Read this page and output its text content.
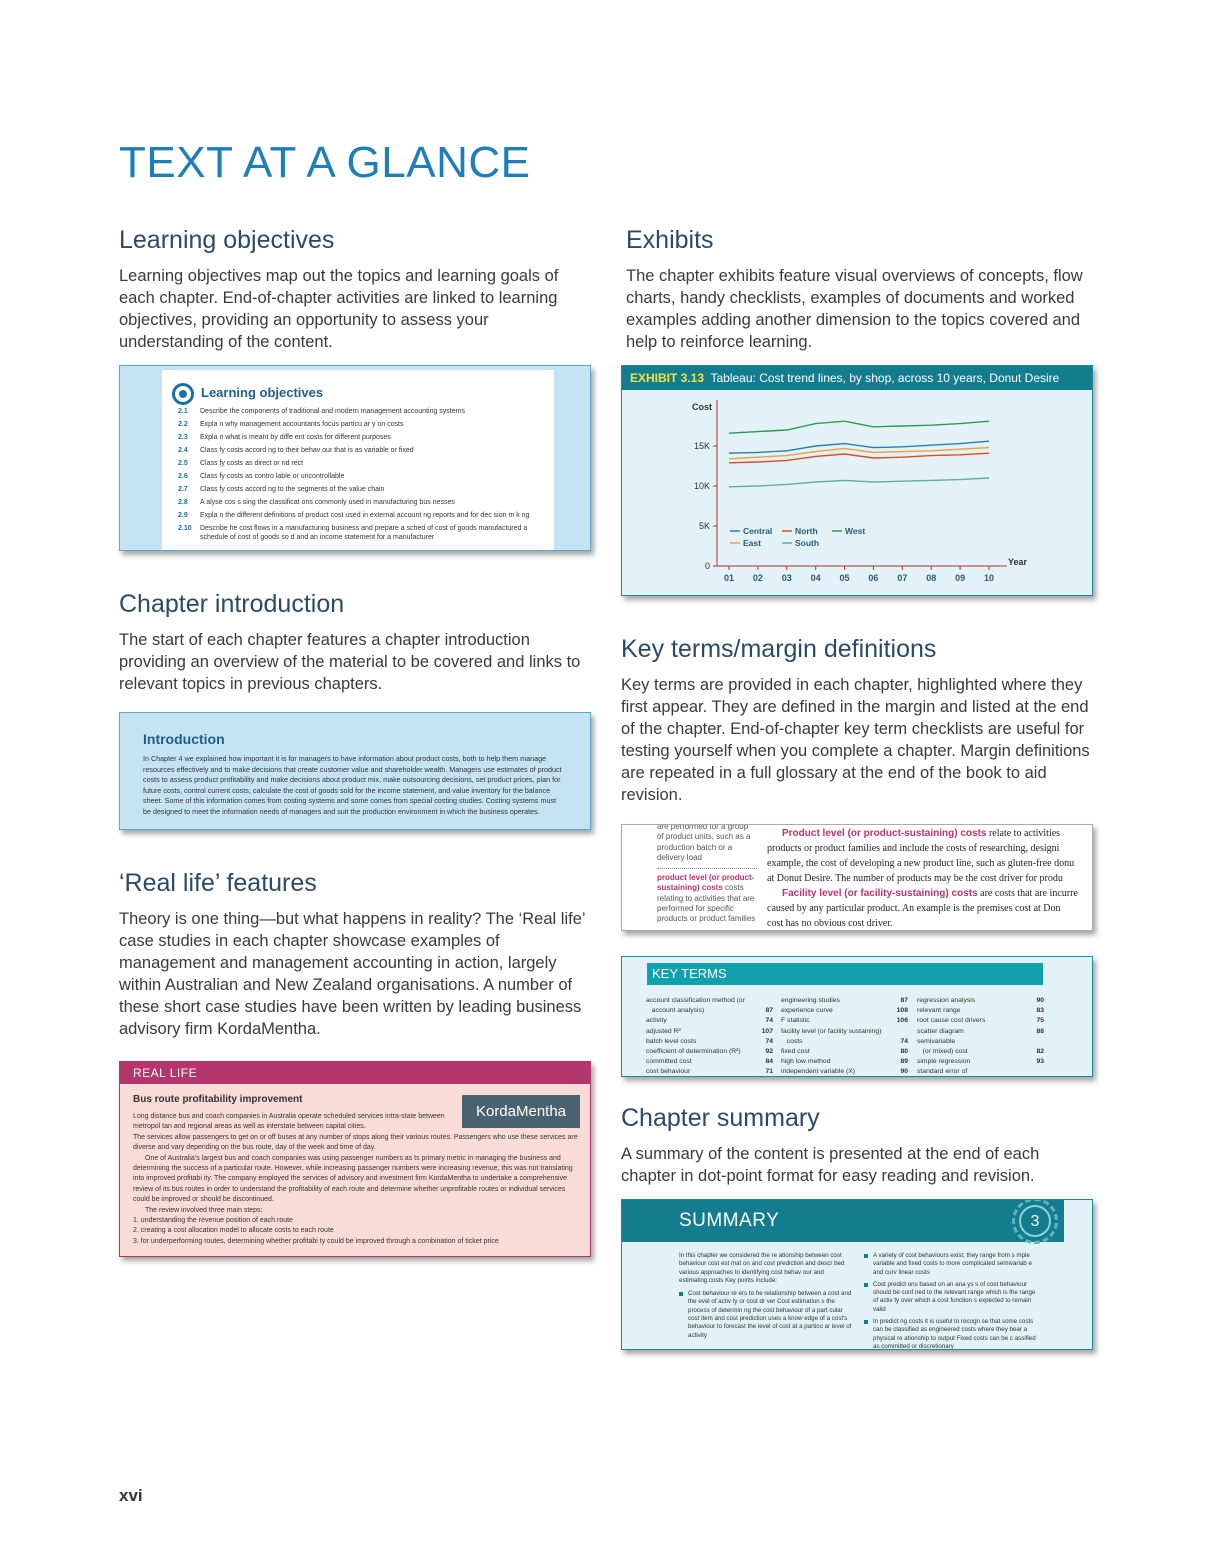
TEXT AT A GLANCE
Learning objectives

Learning objectives map out the topics and learning goals of each chapter. End-of-chapter activities are linked to learning objectives, providing an opportunity to assess your understanding of the content.

Learning objectives
2.1	Describe the components of traditional and modern management accounting systems
2.2	Expla n why management accountants focus particu ar y on costs
2.3	Expla n what is meant by diffe ent costs for different purposes
2.4	Class fy costs accord ng to their behav our that is as variable or fixed
2.5	Class fy costs as direct or nd rect
2.6	Class fy costs as contro lable or uncontrollable
2.7	Class fy costs accord ng to the segments of the value chain
2.8	A alyse cos s sing the classificat ons commonly used in manufacturing bus nesses
2.9	Expla n the different definitions of product cost used in external account ng reports and for dec sion m k ng
2.10	Describe he cost flows in a manufacturing business and prepare a sched of cost of goods manufactured a schedule of cost of goods so d and an income statement for a manufacturer
Chapter introduction

The start of each chapter features a chapter introduction providing an overview of the material to be covered and links to relevant topics in previous chapters.

Introduction
In Chapter 4 we explained how important it is for managers to have information about product costs, both to help them manage resources effectively and to make decisions that create customer value and shareholder wealth. Managers use estimates of product costs to assess product profitability and make decisions about product mix, make outsourcing decisions, set product prices, plan for future costs, control current costs, calculate the cost of goods sold for the income statement, and value inventory for the balance sheet. Some of this information comes from costing systems and some comes from special costing studies. Costing systems must be designed to meet the information needs of managers and suit the production environment in which the business operates.
‘Real life’ features

Theory is one thing—but what happens in reality? The ‘Real life’ case studies in each chapter showcase examples of management and management accounting in action, largely within Australian and New Zealand organisations. A number of these short case studies have been written by leading business advisory firm KordaMentha.

REAL LIFE
Bus route profitability improvement
KordaMentha

Long distance bus and coach companies in Australia operate scheduled services intra-state between metropol tan and regional areas as well as interstate between capital cities.

The services allow passengers to get on or off buses at any number of stops along their various routes. Passengers who use these services are diverse and vary depending on the bus route, day of the week and time of day.

One of Australia’s largest bus and coach companies was using passenger numbers as ts primary metric in managing the business and determining the success of a particular route. However, while increasing passenger numbers were increasing revenue, this was not translating into improved profitabi ity. The company employed the services of advisory and investment firm KordaMentha to undertake a comprehensive review of its bus routes in order to understand the profitability of each route and determine whether unprofitable routes or individual services could be improved or should be discontinued.

The review involved three main steps:

1. understanding the revenue position of each route

2. creating a cost allocation model to allocate costs to each route

3. for underperforming routes, determining whether profitabi ty could be improved through a combination of ticket price

Exhibits

The chapter exhibits feature visual overviews of concepts, flow charts, handy checklists, examples of documents and worked examples adding another dimension to the topics covered and help to reinforce learning.

EXHIBIT 3.13 Tableau: Cost trend lines, by shop, across 10 years, Donut Desire
Cost
0
5K
10K
15K
01 02 03 04 05 06 07 08 09 10
Year
Central	North	West
East	South
Key terms/margin definitions

Key terms are provided in each chapter, highlighted where they first appear. They are defined in the margin and listed at the end of the chapter. End-of-chapter key term checklists are useful for testing yourself when you complete a chapter. Margin definitions are repeated in a full glossary at the end of the book to aid revision.

are performed for a group of product units, such as a production batch or a delivery load
product level (or product-sustaining) costs costs relating to activities that are performed for specific products or product families
Product level (or product-sustaining) costs relate to activities
products or product families and include the costs of researching, designi
example, the cost of developing a new product line, such as gluten-free donu
at Donut Desire. The number of products may be the cost driver for produ
Facility level (or facility-sustaining) costs are costs that are incurre
caused by any particular product. An example is the premises cost at Don
cost has no obvious cost driver.
KEY TERMS
account classification method (or
account analysis)	87
activity	74
adjusted R²	107
batch level costs	74
coefficient of determination (R²)	92
committed cost	84
cost behaviour	71
engineering studies	87
experience curve	108
F statistic	106
facility level (or facility sustaining)
costs	74
fixed cost	80
high low method	89
independent variable (X)	90
regression analysis	90
relevant range	83
root cause cost drivers	75
scatter diagram	88
semivariable
(or mixed) cost	82
simple regression	93
standard error of
Chapter summary

A summary of the content is presented at the end of each chapter in dot-point format for easy reading and revision.

SUMMARY	3

In this chapter we considered the re ationship between cost behaviour cost est mat on and cost prediction and descr bed various approaches to identifying cost behav our and estimating costs Key points include:

Cost behaviour re ers to he relationship between a cost and the evel of activ ty or cost dr ver Cost estimation s the process of determin ng the cost behaviour of a part cular cost item and cost prediction uses a know edge of a cost's behaviour to forecast the level of cost at a particu ar level of activity
A variety of cost behaviours exist; they range from s mple variable and fixed costs to more complicated semivariab e and curv linear costs
Cost predict ons based on an ana ys s of cost behaviour should be conf ned to the relevant range which is the range of activ ty over which a cost function s expected to remain valid
In predict ng costs it is useful to recogn se that some costs can be classified as engineered costs where they bear a physical re ationship to output Fixed costs can be c assified as committed or discretionary
xvi
